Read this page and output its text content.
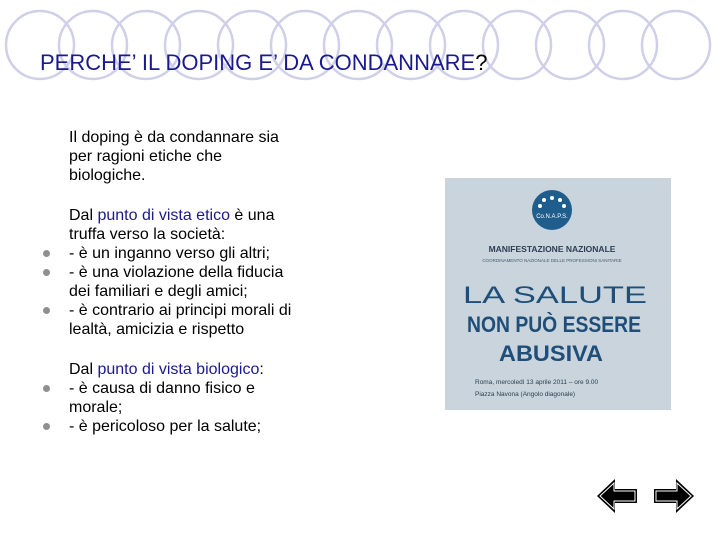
PERCHE’ IL DOPING E’ DA CONDANNARE?
Il doping è da condannare sia
per ragioni etiche che
biologiche.
Dal punto di vista etico è una
truffa verso la società:
- è un inganno verso gli altri;
- è una violazione della fiducia
dei familiari e degli amici;
- è contrario ai principi morali di
lealtà, amicizia e rispetto
Dal punto di vista biologico:
- è causa di danno fisico e
morale;
- è pericoloso per la salute;
Co.N.A.P.S.
MANIFESTAZIONE NAZIONALE
COORDINAMENTO NAZIONALE DELLE PROFESSIONI SANITARIE
LA SALUTE
NON PUÒ ESSERE
ABUSIVA
Roma, mercoledì 13 aprile 2011 – ore 9.00
Piazza Navona (Angolo diagonale)
